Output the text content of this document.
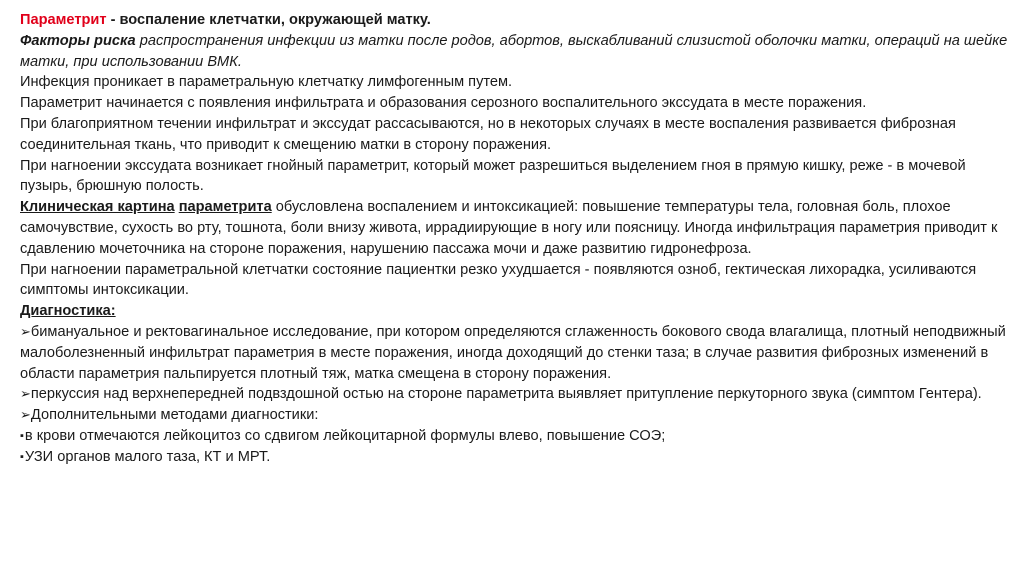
Параметрит - воспаление клетчатки, окружающей матку.

Факторы риска распространения инфекции из матки после родов, абортов, выскабливаний слизистой оболочки матки, операций на шейке матки, при использовании ВМК.

Инфекция проникает в параметральную клетчатку лимфогенным путем.

Параметрит начинается с появления инфильтрата и образования серозного воспалительного экссудата в месте поражения.

При благоприятном течении инфильтрат и экссудат рассасываются, но в некоторых случаях в месте воспаления развивается фиброзная соединительная ткань, что приводит к смещению матки в сторону поражения.

При нагноении экссудата возникает гнойный параметрит, который может разрешиться выделением гноя в прямую кишку, реже - в мочевой пузырь, брюшную полость.

Клиническая картина параметрита обусловлена воспалением и интоксикацией: повышение температуры тела, головная боль, плохое самочувствие, сухость во рту, тошнота, боли внизу живота, иррадиирующие в ногу или поясницу. Иногда инфильтрация параметрия приводит к сдавлению мочеточника на стороне поражения, нарушению пассажа мочи и даже развитию гидронефроза.

При нагноении параметральной клетчатки состояние пациентки резко ухудшается - появляются озноб, гектическая лихорадка, усиливаются симптомы интоксикации.

Диагностика:

➢бимануальное и ректовагинальное исследование, при котором определяются сглаженность бокового свода влагалища, плотный неподвижный малоболезненный инфильтрат параметрия в месте поражения, иногда доходящий до стенки таза; в случае развития фиброзных изменений в области параметрия пальпируется плотный тяж, матка смещена в сторону поражения.

➢перкуссия над верхнепередней подвздошной остью на стороне параметрита выявляет притупление перкуторного звука (симптом Гентера).

➢Дополнительными методами диагностики:

▪в крови отмечаются лейкоцитоз со сдвигом лейкоцитарной формулы влево, повышение СОЭ;

▪УЗИ органов малого таза, КТ и МРТ.
